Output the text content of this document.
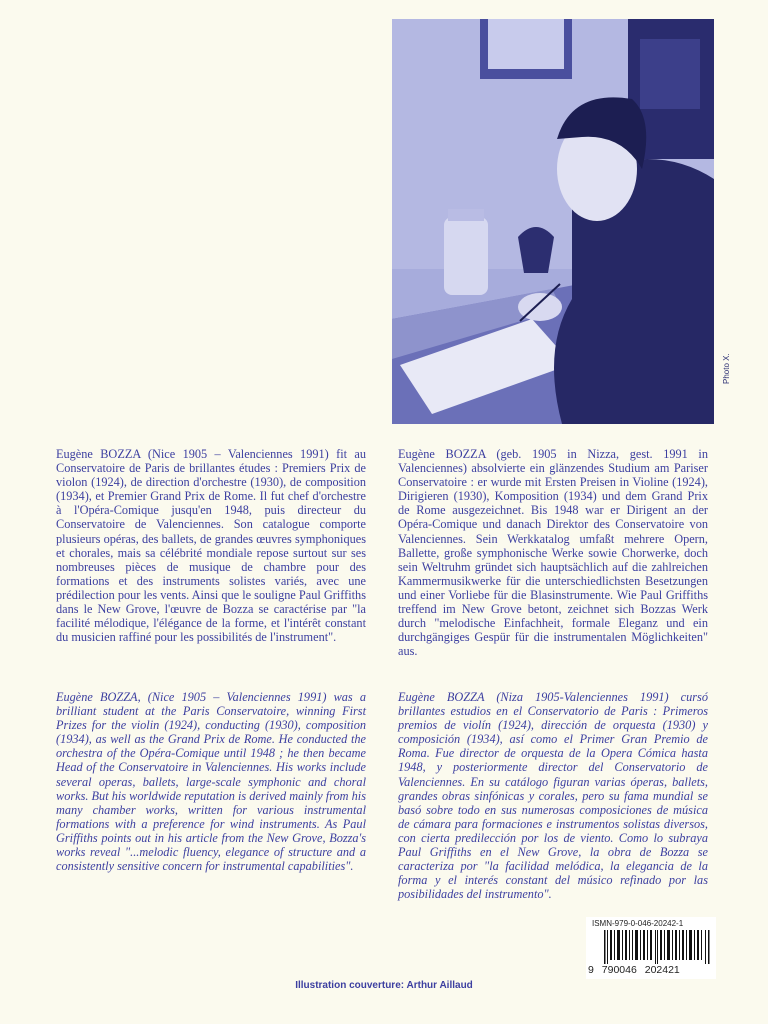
Photo X.

Eugène BOZZA (Nice 1905 – Valenciennes 1991) fit au Conservatoire de Paris de brillantes études : Premiers Prix de violon (1924), de direction d'orchestre (1930), de composition (1934), et Premier Grand Prix de Rome. Il fut chef d'orchestre à l'Opéra-Comique jusqu'en 1948, puis directeur du Conservatoire de Valenciennes. Son catalogue comporte plusieurs opéras, des ballets, de grandes œuvres symphoniques et chorales, mais sa célébrité mondiale repose surtout sur ses nombreuses pièces de musique de chambre pour des formations et des instruments solistes variés, avec une prédilection pour les vents. Ainsi que le souligne Paul Griffiths dans le New Grove, l'œuvre de Bozza se caractérise par "la facilité mélodique, l'élégance de la forme, et l'intérêt constant du musicien raffiné pour les possibilités de l'instrument".

Eugène BOZZA (geb. 1905 in Nizza, gest. 1991 in Valenciennes) absolvierte ein glänzendes Studium am Pariser Conservatoire : er wurde mit Ersten Preisen in Violine (1924), Dirigieren (1930), Komposition (1934) und dem Grand Prix de Rome ausgezeichnet. Bis 1948 war er Dirigent an der Opéra-Comique und danach Direktor des Conservatoire von Valenciennes. Sein Werkkatalog umfaßt mehrere Opern, Ballette, große symphonische Werke sowie Chorwerke, doch sein Weltruhm gründet sich hauptsächlich auf die zahlreichen Kammermusikwerke für die unterschiedlichsten Besetzungen und einer Vorliebe für die Blasinstrumente. Wie Paul Griffiths treffend im New Grove betont, zeichnet sich Bozzas Werk durch "melodische Einfachheit, formale Eleganz und ein durchgängiges Gespür für die instrumentalen Möglichkeiten" aus.

Eugène BOZZA, (Nice 1905 – Valenciennes 1991) was a brilliant student at the Paris Conservatoire, winning First Prizes for the violin (1924), conducting (1930), composition (1934), as well as the Grand Prix de Rome. He conducted the orchestra of the Opéra-Comique until 1948 ; he then became Head of the Conservatoire in Valenciennes. His works include several operas, ballets, large-scale symphonic and choral works. But his worldwide reputation is derived mainly from his many chamber works, written for various instrumental formations with a preference for wind instruments. As Paul Griffiths points out in his article from the New Grove, Bozza's works reveal "...melodic fluency, elegance of structure and a consistently sensitive concern for instrumental capabilities".

Eugène BOZZA (Niza 1905-Valenciennes 1991) cursó brillantes estudios en el Conservatorio de Paris : Primeros premios de violín (1924), dirección de orquesta (1930) y composición (1934), así como el Primer Gran Premio de Roma. Fue director de orquesta de la Opera Cómica hasta 1948, y posteriormente director del Conservatorio de Valenciennes. En su catálogo figuran varias óperas, ballets, grandes obras sinfónicas y corales, pero su fama mundial se basó sobre todo en sus numerosas composiciones de música de cámara para formaciones e instrumentos solistas diversos, con cierta predilección por los de viento. Como lo subraya Paul Griffiths en el New Grove, la obra de Bozza se caracteriza por "la facilidad melódica, la elegancia de la forma y el interés constant del músico refinado por las posibilidades del instrumento".

ISMN-979-0-046-20242-1
9 790046 202421
Illustration couverture: Arthur Aillaud
